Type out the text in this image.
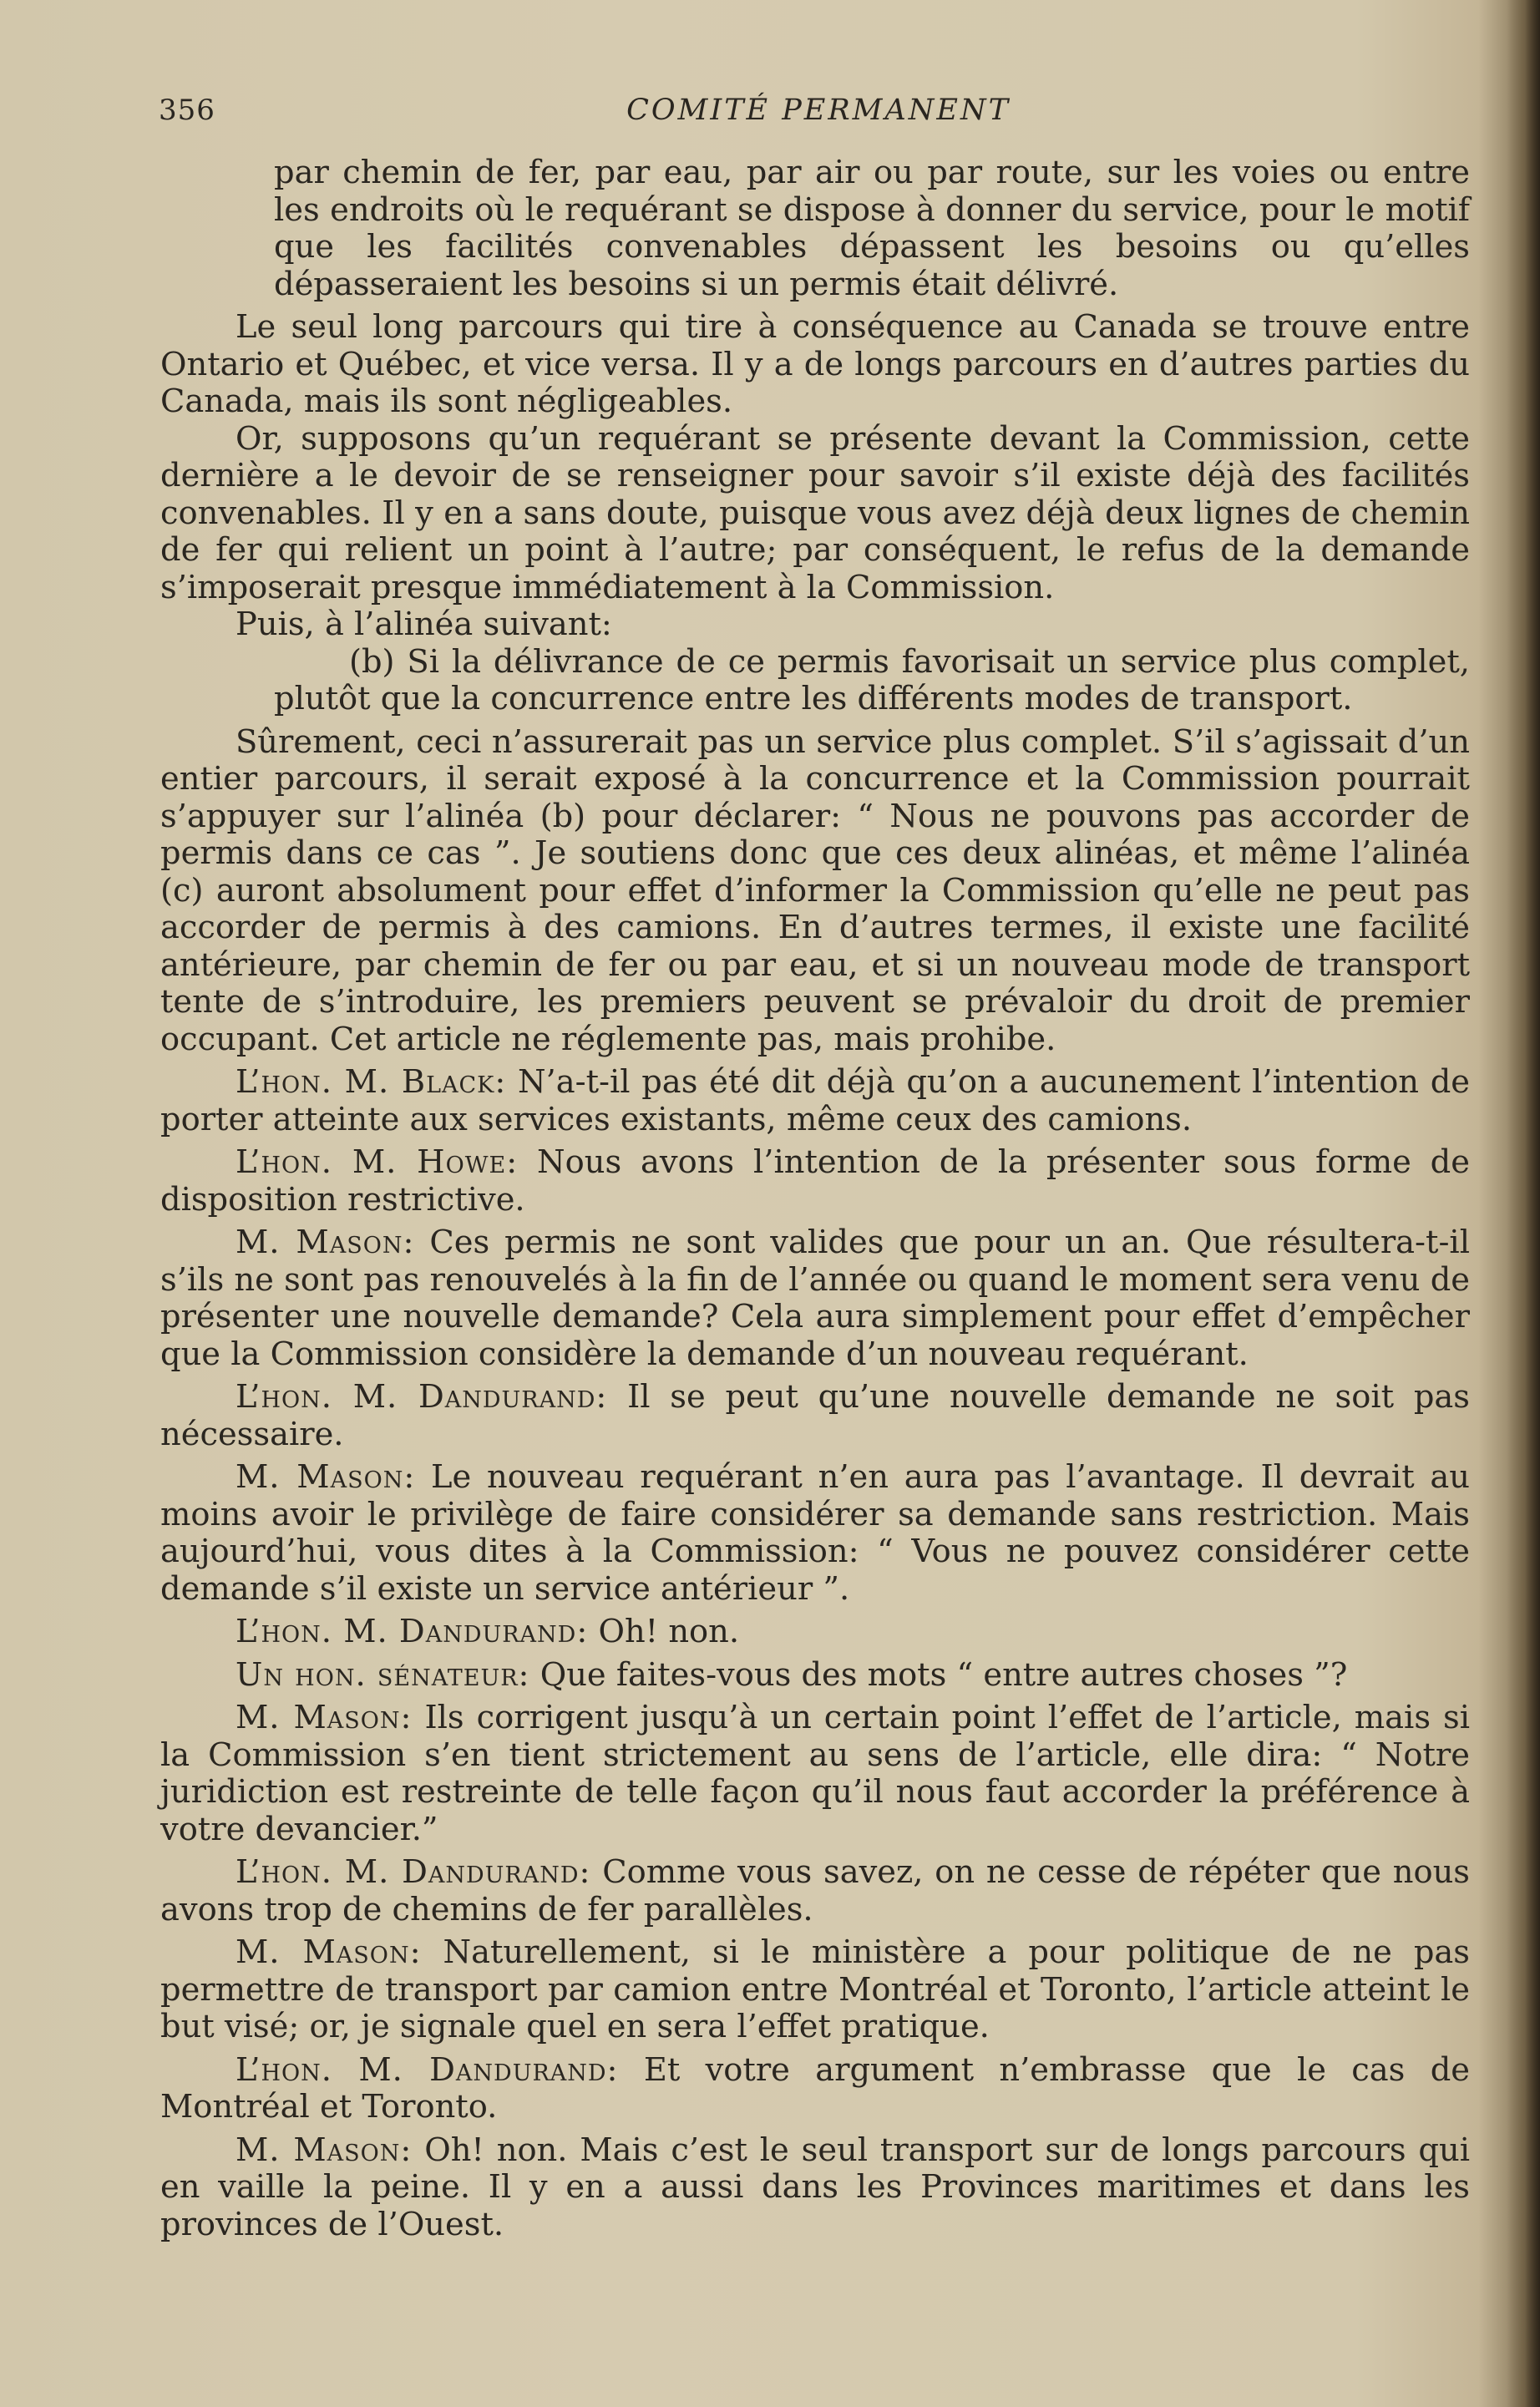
356	COMITÉ PERMANENT

par chemin de fer, par eau, par air ou par route, sur les voies ou entre les endroits où le requérant se dispose à donner du service, pour le motif que les facilités convenables dépassent les besoins ou qu’elles dépasseraient les besoins si un permis était délivré.

Le seul long parcours qui tire à conséquence au Canada se trouve entre Ontario et Québec, et vice versa. Il y a de longs parcours en d’autres parties du Canada, mais ils sont négligeables.

Or, supposons qu’un requérant se présente devant la Commission, cette dernière a le devoir de se renseigner pour savoir s’il existe déjà des facilités convenables. Il y en a sans doute, puisque vous avez déjà deux lignes de chemin de fer qui relient un point à l’autre; par conséquent, le refus de la demande s’imposerait presque immédiatement à la Commission.

Puis, à l’alinéa suivant:

(b) Si la délivrance de ce permis favorisait un service plus complet, plutôt que la concurrence entre les différents modes de transport.

Sûrement, ceci n’assurerait pas un service plus complet. S’il s’agissait d’un entier parcours, il serait exposé à la concurrence et la Commission pourrait s’appuyer sur l’alinéa (b) pour déclarer: “ Nous ne pouvons pas accorder de permis dans ce cas ”. Je soutiens donc que ces deux alinéas, et même l’alinéa (c) auront absolument pour effet d’informer la Commission qu’elle ne peut pas accorder de permis à des camions. En d’autres termes, il existe une facilité antérieure, par chemin de fer ou par eau, et si un nouveau mode de transport tente de s’introduire, les premiers peuvent se prévaloir du droit de premier occupant. Cet article ne réglemente pas, mais prohibe.

L’hon. M. Black: N’a-t-il pas été dit déjà qu’on a aucunement l’intention de porter atteinte aux services existants, même ceux des camions.

L’hon. M. Howe: Nous avons l’intention de la présenter sous forme de disposition restrictive.

M. Mason: Ces permis ne sont valides que pour un an. Que résultera-t-il s’ils ne sont pas renouvelés à la fin de l’année ou quand le moment sera venu de présenter une nouvelle demande? Cela aura simplement pour effet d’empêcher que la Commission considère la demande d’un nouveau requérant.

L’hon. M. Dandurand: Il se peut qu’une nouvelle demande ne soit pas nécessaire.

M. Mason: Le nouveau requérant n’en aura pas l’avantage. Il devrait au moins avoir le privilège de faire considérer sa demande sans restriction. Mais aujourd’hui, vous dites à la Commission: “ Vous ne pouvez considérer cette demande s’il existe un service antérieur ”.

L’hon. M. Dandurand: Oh! non.

Un hon. sénateur: Que faites-vous des mots “ entre autres choses ”?

M. Mason: Ils corrigent jusqu’à un certain point l’effet de l’article, mais si la Commission s’en tient strictement au sens de l’article, elle dira: “ Notre juridiction est restreinte de telle façon qu’il nous faut accorder la préférence à votre devancier.”

L’hon. M. Dandurand: Comme vous savez, on ne cesse de répéter que nous avons trop de chemins de fer parallèles.

M. Mason: Naturellement, si le ministère a pour politique de ne pas permettre de transport par camion entre Montréal et Toronto, l’article atteint le but visé; or, je signale quel en sera l’effet pratique.

L’hon. M. Dandurand: Et votre argument n’embrasse que le cas de Montréal et Toronto.

M. Mason: Oh! non. Mais c’est le seul transport sur de longs parcours qui en vaille la peine. Il y en a aussi dans les Provinces maritimes et dans les provinces de l’Ouest.
